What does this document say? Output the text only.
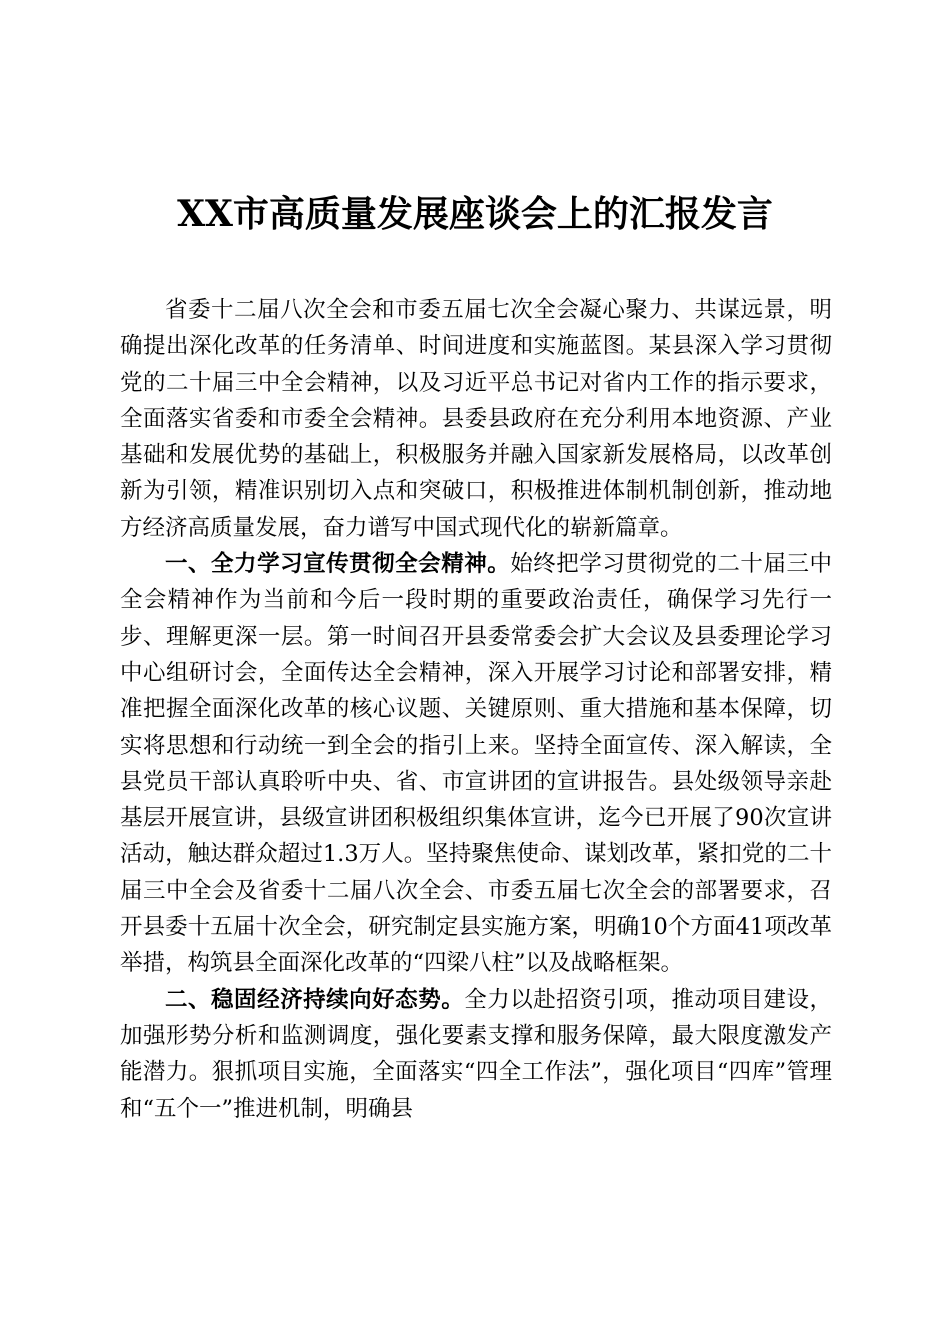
XX市高质量发展座谈会上的汇报发言

省委十二届八次全会和市委五届七次全会凝心聚力、共谋远景，明确提出深化改革的任务清单、时间进度和实施蓝图。某县深入学习贯彻党的二十届三中全会精神，以及习近平总书记对省内工作的指示要求，全面落实省委和市委全会精神。县委县政府在充分利用本地资源、产业基础和发展优势的基础上，积极服务并融入国家新发展格局，以改革创新为引领，精准识别切入点和突破口，积极推进体制机制创新，推动地方经济高质量发展，奋力谱写中国式现代化的崭新篇章。

一、全力学习宣传贯彻全会精神。始终把学习贯彻党的二十届三中全会精神作为当前和今后一段时期的重要政治责任，确保学习先行一步、理解更深一层。第一时间召开县委常委会扩大会议及县委理论学习中心组研讨会，全面传达全会精神，深入开展学习讨论和部署安排，精准把握全面深化改革的核心议题、关键原则、重大措施和基本保障，切实将思想和行动统一到全会的指引上来。坚持全面宣传、深入解读，全县党员干部认真聆听中央、省、市宣讲团的宣讲报告。县处级领导亲赴基层开展宣讲，县级宣讲团积极组织集体宣讲，迄今已开展了90次宣讲活动，触达群众超过1.3万人。坚持聚焦使命、谋划改革，紧扣党的二十届三中全会及省委十二届八次全会、市委五届七次全会的部署要求，召开县委十五届十次全会，研究制定县实施方案，明确10个方面41项改革举措，构筑县全面深化改革的“四梁八柱”以及战略框架。

二、稳固经济持续向好态势。全力以赴招资引项，推动项目建设，加强形势分析和监测调度，强化要素支撑和服务保障，最大限度激发产能潜力。狠抓项目实施，全面落实“四全工作法”，强化项目“四库”管理和“五个一”推进机制，明确县
